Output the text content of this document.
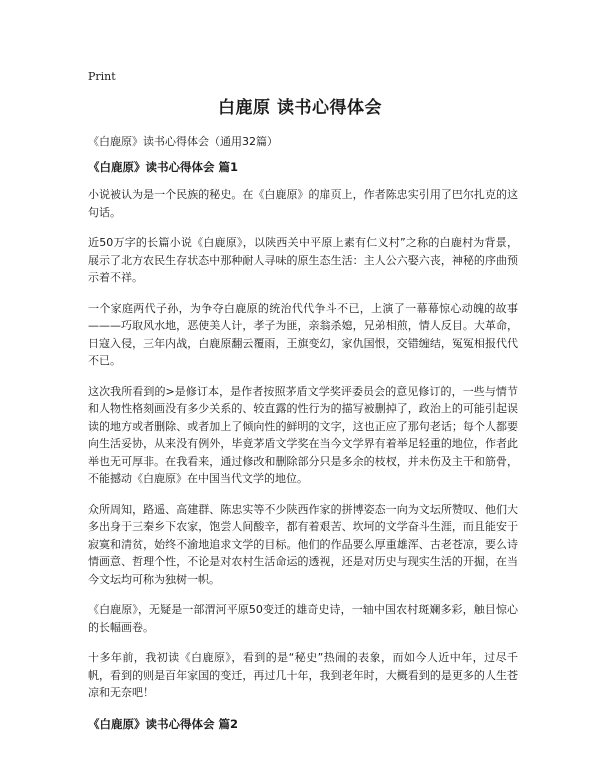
Print
白鹿原 读书心得体会

《白鹿原》读书心得体会（通用32篇）

《白鹿原》读书心得体会 篇1

小说被认为是一个民族的秘史。在《白鹿原》的扉页上，作者陈忠实引用了巴尔扎克的这句话。

近50万字的长篇小说《白鹿原》，以陕西关中平原上素有仁义村”之称的白鹿村为背景，展示了北方农民生存状态中那种耐人寻味的原生态生活：主人公六娶六丧，神秘的序曲预示着不祥。

一个家庭两代子孙，为争夺白鹿原的统治代代争斗不已，上演了一幕幕惊心动魄的故事———巧取风水地，恶使美人计，孝子为匪，亲翁杀媳，兄弟相煎，情人反目。大革命，日寇入侵，三年内战，白鹿原翻云覆雨，王旗变幻，家仇国恨，交错缠结，冤冤相报代代不已。

这次我所看到的>是修订本，是作者按照茅盾文学奖评委员会的意见修订的，一些与情节和人物性格刻画没有多少关系的、较直露的性行为的描写被删掉了，政治上的可能引起误读的地方或者删除、或者加上了倾向性的鲜明的文字，这也正应了那句老话；每个人都要向生活妥协，从来没有例外，毕竟茅盾文学奖在当今文学界有着举足轻重的地位，作者此举也无可厚非。在我看来，通过修改和删除部分只是多余的枝杈，并未伤及主干和筋骨，不能撼动《白鹿原》在中国当代文学的地位。

众所周知，路遥、高建群、陈忠实等不少陕西作家的拼博姿态一向为文坛所赞叹、他们大多出身于三秦乡下农家，饱尝人间酸辛，都有着艰苦、坎坷的文学奋斗生涯，而且能安于寂寞和清贫，始终不渝地追求文学的目标。他们的作品要么厚重雄浑、古老苍凉，要么诗情画意、哲理个性，不论是对农村生活命运的透视，还是对历史与现实生活的开掘，在当今文坛均可称为独树一帜。

《白鹿原》，无疑是一部渭河平原50变迁的雄奇史诗，一轴中国农村斑斓多彩，触目惊心的长幅画卷。

十多年前，我初读《白鹿原》，看到的是“秘史”热闹的表象，而如今人近中年，过尽千帆，看到的则是百年家国的变迁，再过几十年，我到老年时，大概看到的是更多的人生苍凉和无奈吧！

《白鹿原》读书心得体会 篇2
